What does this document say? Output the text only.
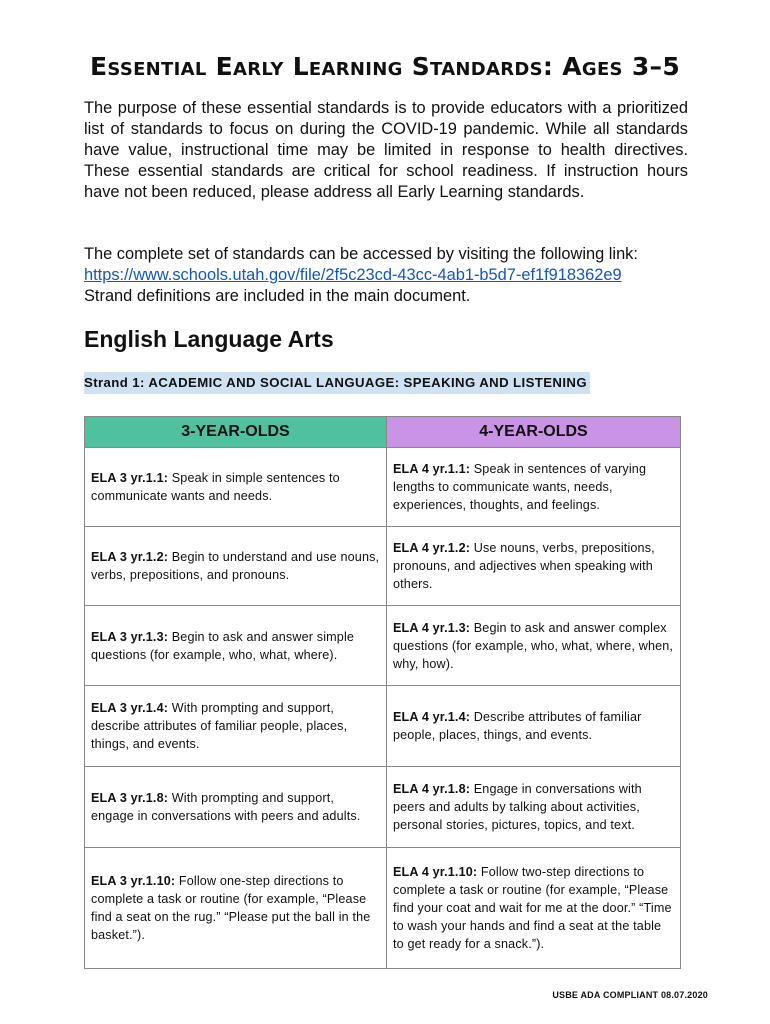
Essential Early Learning Standards: Ages 3–5

The purpose of these essential standards is to provide educators with a prioritized list of standards to focus on during the COVID-19 pandemic. While all standards have value, instructional time may be limited in response to health directives. These essential standards are critical for school readiness. If instruction hours have not been reduced, please address all Early Learning standards.

The complete set of standards can be accessed by visiting the following link:
https://www.schools.utah.gov/file/2f5c23cd-43cc-4ab1-b5d7-ef1f918362e9
Strand definitions are included in the main document.

English Language Arts
Strand 1: ACADEMIC AND SOCIAL LANGUAGE: SPEAKING AND LISTENING
3-YEAR-OLDS	4-YEAR-OLDS
ELA 3 yr.1.1: Speak in simple sentences to communicate wants and needs.	ELA 4 yr.1.1: Speak in sentences of varying lengths to communicate wants, needs, experiences, thoughts, and feelings.
ELA 3 yr.1.2: Begin to understand and use nouns, verbs, prepositions, and pronouns.	ELA 4 yr.1.2: Use nouns, verbs, prepositions, pronouns, and adjectives when speaking with others.
ELA 3 yr.1.3: Begin to ask and answer simple questions (for example, who, what, where).	ELA 4 yr.1.3: Begin to ask and answer complex questions (for example, who, what, where, when, why, how).
ELA 3 yr.1.4: With prompting and support, describe attributes of familiar people, places, things, and events.	ELA 4 yr.1.4: Describe attributes of familiar people, places, things, and events.
ELA 3 yr.1.8: With prompting and support, engage in conversations with peers and adults.	ELA 4 yr.1.8: Engage in conversations with peers and adults by talking about activities, personal stories, pictures, topics, and text.
ELA 3 yr.1.10: Follow one-step directions to complete a task or routine (for example, “Please find a seat on the rug.” “Please put the ball in the basket.”).	ELA 4 yr.1.10: Follow two-step directions to complete a task or routine (for example, “Please find your coat and wait for me at the door.” “Time to wash your hands and find a seat at the table to get ready for a snack.”).
USBE ADA COMPLIANT 08.07.2020
